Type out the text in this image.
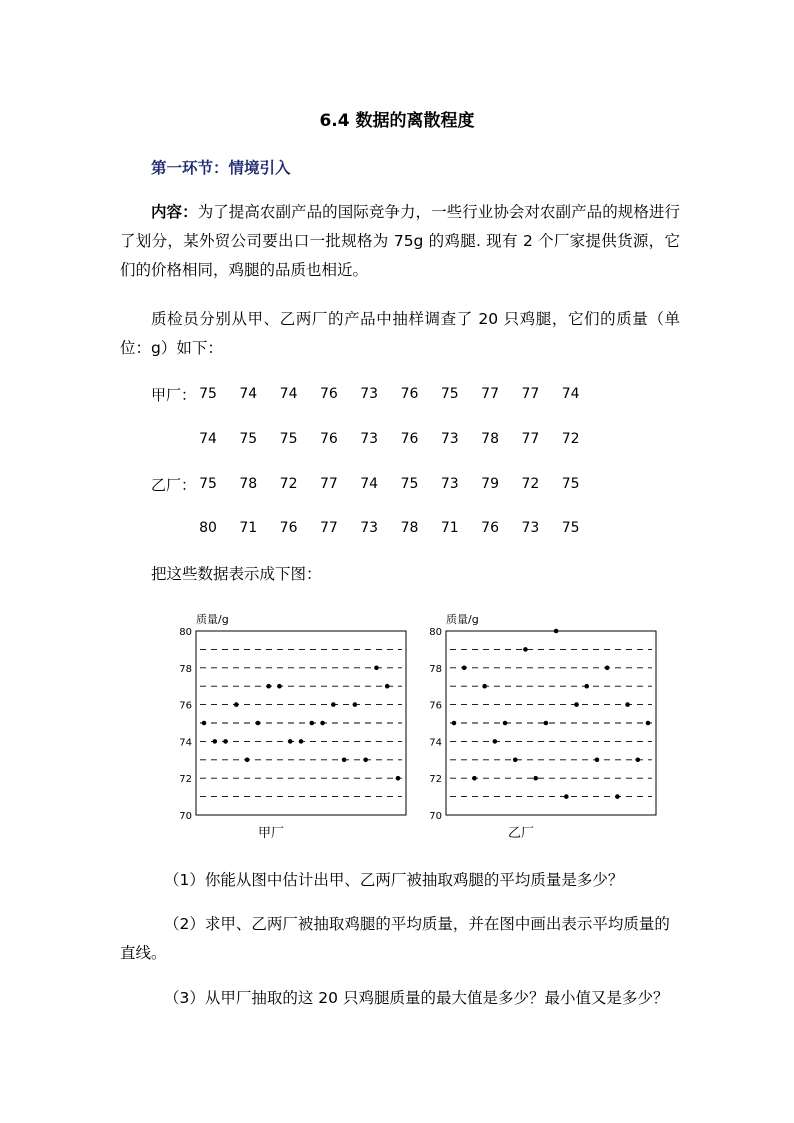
6.4 数据的离散程度
第一环节：情境引入
内容：为了提高农副产品的国际竞争力，一些行业协会对农副产品的规格进行了划分，某外贸公司要出口一批规格为 75g 的鸡腿. 现有 2 个厂家提供货源，它们的价格相同，鸡腿的品质也相近。
质检员分别从甲、乙两厂的产品中抽样调查了 20 只鸡腿，它们的质量（单位：g）如下：
甲厂： 75	74	74	76	73	76	75	77	77	74
74	75	75	76	73	76	73	78	77	72
乙厂： 75	78	72	77	74	75	73	79	72	75
80	71	76	77	73	78	71	76	73	75
把这些数据表示成下图：
质量/g
80
78
76
74
72
70
甲厂
质量/g
80
78
76
74
72
70
乙厂
（1）你能从图中估计出甲、乙两厂被抽取鸡腿的平均质量是多少？
（2）求甲、乙两厂被抽取鸡腿的平均质量，并在图中画出表示平均质量的直线。
（3）从甲厂抽取的这 20 只鸡腿质量的最大值是多少？最小值又是多少？
